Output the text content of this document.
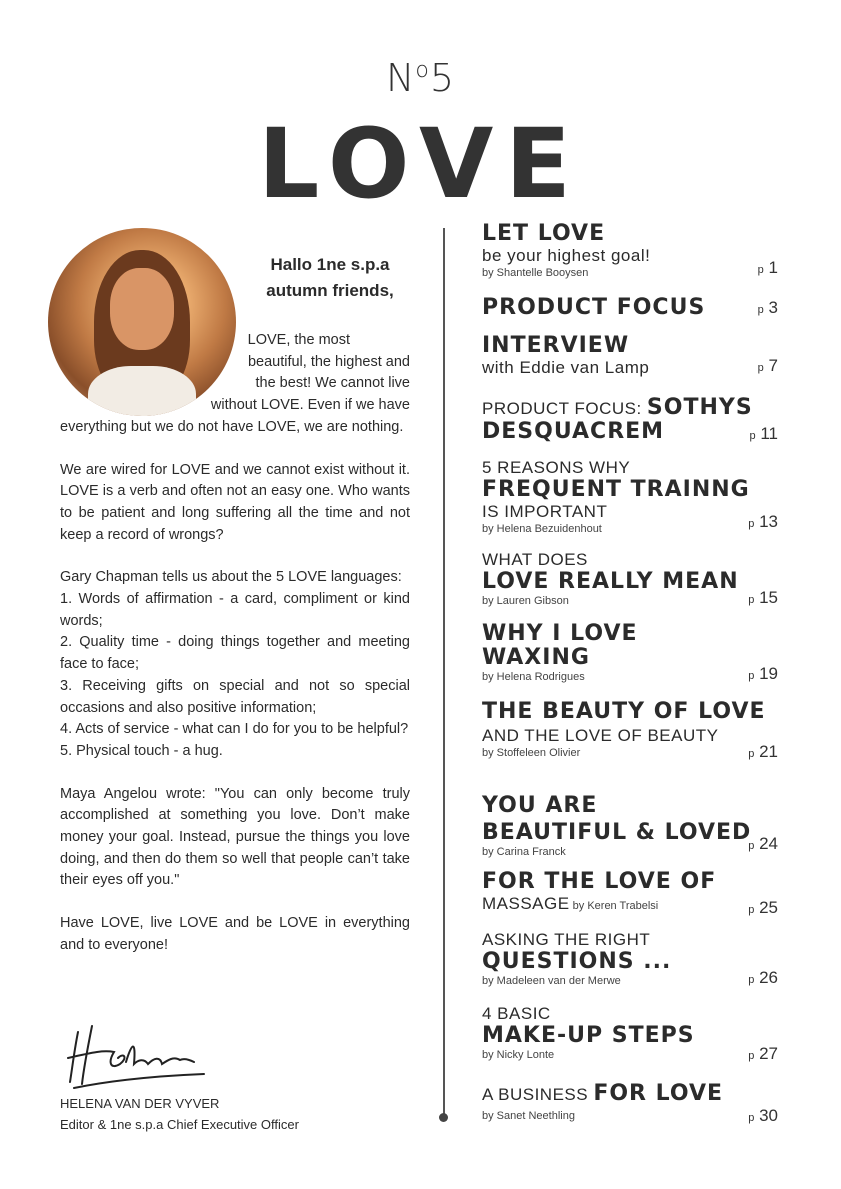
$N^o5$
LOVE
Hallo 1ne s.p.a
autumn friends,

LOVE, the most

beautiful, the highest and

the best! We cannot live

without LOVE. Even if we have

everything but we do not have LOVE, we are nothing.

We are wired for LOVE and we cannot exist without it. LOVE is a verb and often not an easy one. Who wants to be patient and long suffering all the time and not keep a record of wrongs?

Gary Chapman tells us about the 5 LOVE languages:

1. Words of affirmation - a card, compliment or kind words;

2. Quality time - doing things together and meeting face to face;

3. Receiving gifts on special and not so special occasions and also positive information;

4. Acts of service - what can I do for you to be helpful?

5. Physical touch - a hug.

Maya Angelou wrote: "You can only become truly accomplished at something you love. Don’t make money your goal. Instead, pursue the things you love doing, and then do them so well that people can’t take their eyes off you."

Have LOVE, live LOVE and be LOVE in everything and to everyone!

HELENA VAN DER VYVER
Editor & 1ne s.p.a Chief Executive Officer
LET LOVE
be your highest goal!
by Shantelle Booysen	p 1
PRODUCT FOCUS	p 3
INTERVIEW
with Eddie van Lamp	p 7
PRODUCT FOCUS: SOTHYS
DESQUACREM	p 11
5 REASONS WHY
FREQUENT TRAINNG
IS IMPORTANT
by Helena Bezuidenhout	p 13
WHAT DOES
LOVE REALLY MEAN
by Lauren Gibson	p 15
WHY I LOVE
WAXING
by Helena Rodrigues	p 19
THE BEAUTY OF LOVE
AND THE LOVE OF BEAUTY
by Stoffeleen Olivier	p 21
YOU ARE
BEAUTIFUL & LOVED
by Carina Franck	p 24
FOR THE LOVE OF
MASSAGE by Keren Trabelsi	p 25
ASKING THE RIGHT
QUESTIONS ...
by Madeleen van der Merwe	p 26
4 BASIC
MAKE-UP STEPS
by Nicky Lonte	p 27
A BUSINESS FOR LOVE
by Sanet Neethling	p 30
